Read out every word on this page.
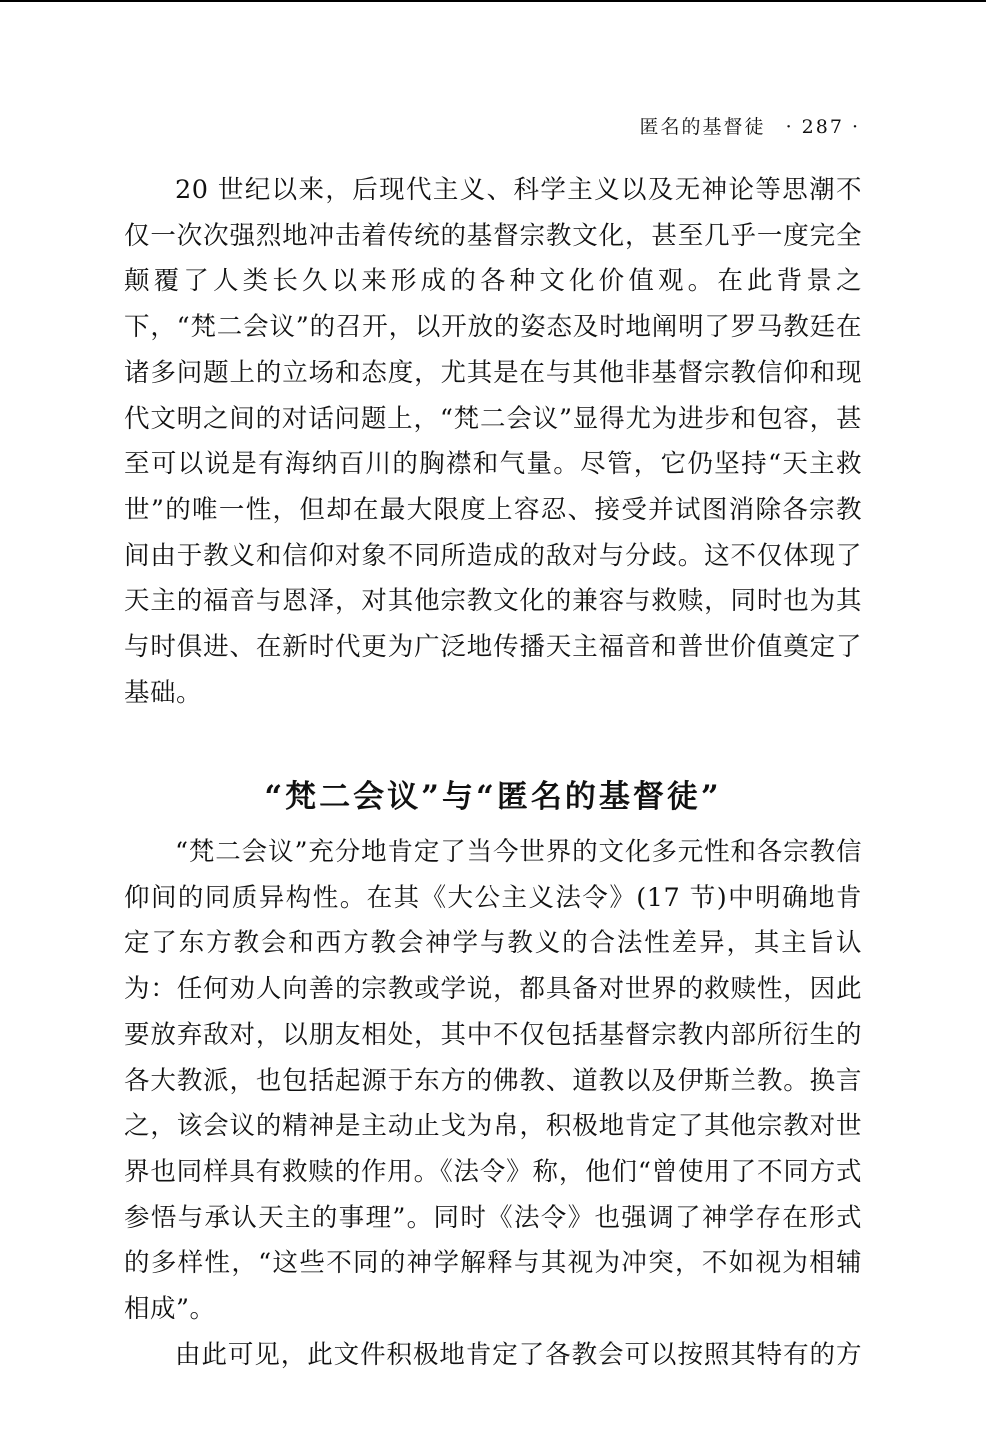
匿名的基督徒 · 287 ·

20 世纪以来，后现代主义、科学主义以及无神论等思潮不仅一次次强烈地冲击着传统的基督宗教文化，甚至几乎一度完全颠覆了人类长久以来形成的各种文化价值观。在此背景之下，“梵二会议”的召开，以开放的姿态及时地阐明了罗马教廷在诸多问题上的立场和态度，尤其是在与其他非基督宗教信仰和现代文明之间的对话问题上，“梵二会议”显得尤为进步和包容，甚至可以说是有海纳百川的胸襟和气量。尽管，它仍坚持“天主救世”的唯一性，但却在最大限度上容忍、接受并试图消除各宗教间由于教义和信仰对象不同所造成的敌对与分歧。这不仅体现了天主的福音与恩泽，对其他宗教文化的兼容与救赎，同时也为其与时俱进、在新时代更为广泛地传播天主福音和普世价值奠定了基础。

“梵二会议”与“匿名的基督徒”

“梵二会议”充分地肯定了当今世界的文化多元性和各宗教信仰间的同质异构性。在其《大公主义法令》(17 节)中明确地肯定了东方教会和西方教会神学与教义的合法性差异，其主旨认为：任何劝人向善的宗教或学说，都具备对世界的救赎性，因此要放弃敌对，以朋友相处，其中不仅包括基督宗教内部所衍生的各大教派，也包括起源于东方的佛教、道教以及伊斯兰教。换言之，该会议的精神是主动止戈为帛，积极地肯定了其他宗教对世界也同样具有救赎的作用。《法令》称，他们“曾使用了不同方式参悟与承认天主的事理”。同时《法令》也强调了神学存在形式的多样性，“这些不同的神学解释与其视为冲突，不如视为相辅相成”。

由此可见，此文件积极地肯定了各教会可以按照其特有的方
